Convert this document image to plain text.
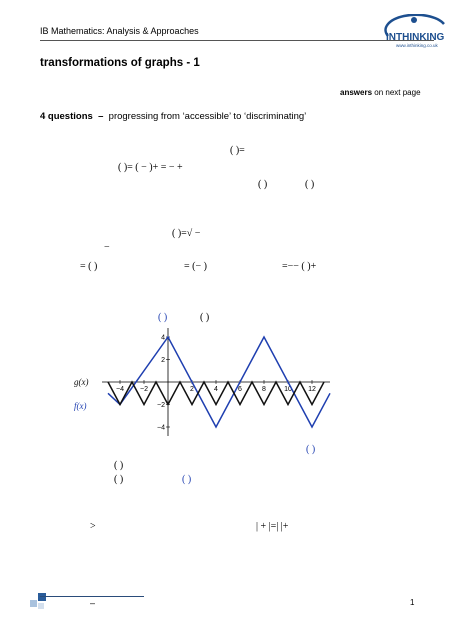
IB Mathematics: Analysis & Approaches
INTHINKING
www.inthinking.co.uk
transformations of graphs - 1
answers on next page
4 questions – progressing from ‘accessible’ to ‘discriminating’
( )=
( )= ( − )+ = − +
( )	( )
( )=√ −
−
= ( )	= (− )	=−− ( )+
( )	( )
−4 −2	2	4	6	8	10 12
4
2
−2
−4
g(x)
f(x)
( )
( )
( )	( )
>	| + |=| |+
–	1
